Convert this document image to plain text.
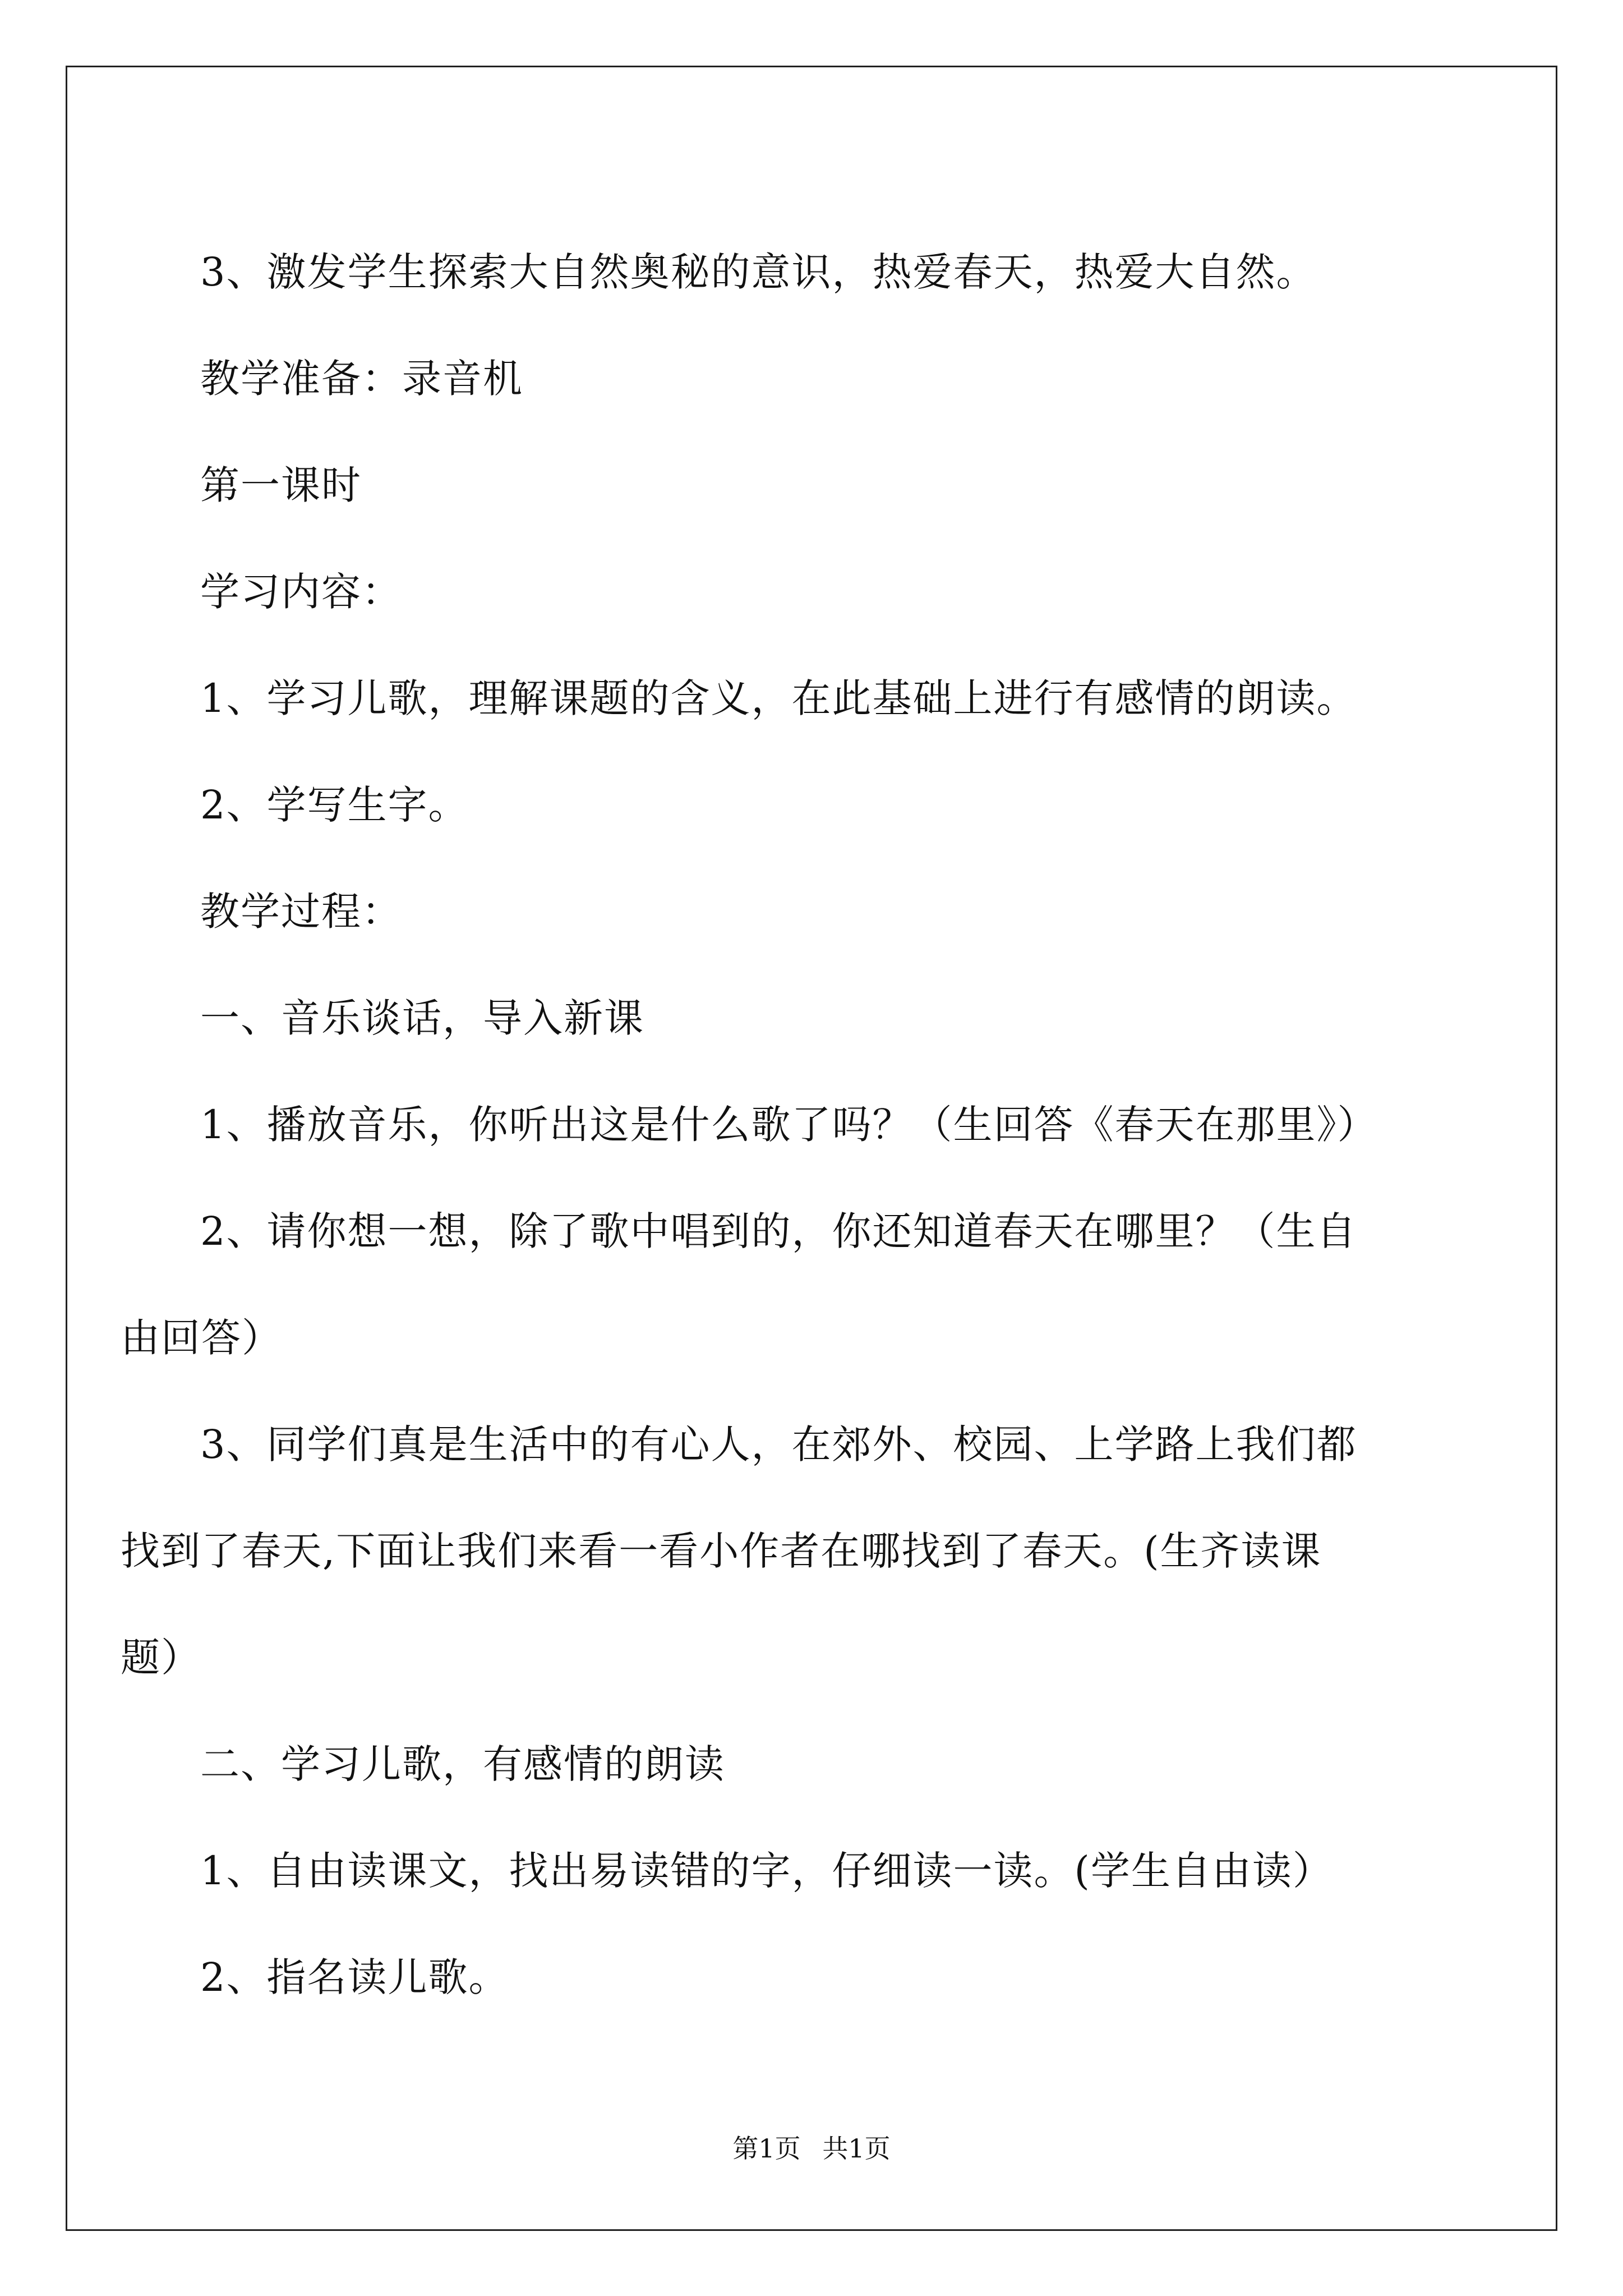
3、激发学生探索大自然奥秘的意识，热爱春天，热爱大自然。

教学准备：录音机

第一课时

学习内容：

1、学习儿歌，理解课题的含义，在此基础上进行有感情的朗读。

2、学写生字。

教学过程：

一、音乐谈话，导入新课

1、播放音乐，你听出这是什么歌了吗？（生回答《春天在那里》）

2、请你想一想，除了歌中唱到的，你还知道春天在哪里？（生自由回答）

3、同学们真是生活中的有心人，在郊外、校园、上学路上我们都找到了春天,下面让我们来看一看小作者在哪找到了春天。(生齐读课题）

二、学习儿歌，有感情的朗读

1、自由读课文，找出易读错的字，仔细读一读。(学生自由读）

2、指名读儿歌。

第1页 共1页
